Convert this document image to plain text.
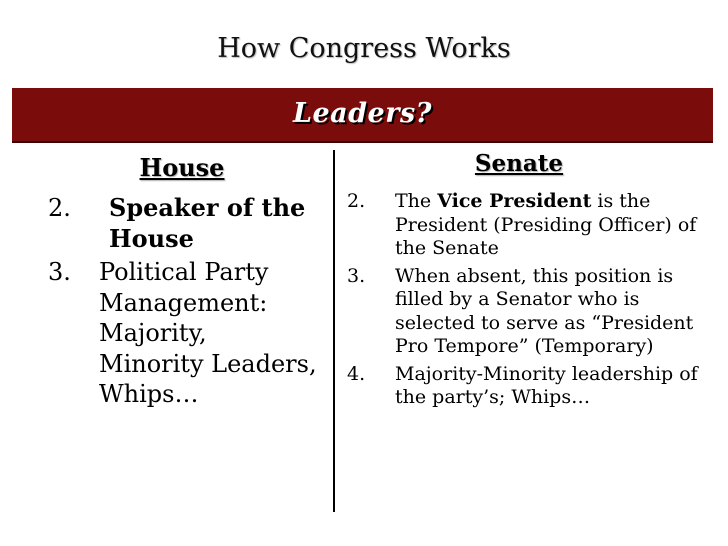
How Congress Works
Leaders?
House	Senate
2.	Speaker of the House
3. Political Party Management: Majority, Minority Leaders, Whips…
2. The Vice President is the President (Presiding Officer) of the Senate
3. When absent, this position is filled by a Senator who is selected to serve as “President Pro Tempore” (Temporary)
4. Majority-Minority leadership of the party’s; Whips…
